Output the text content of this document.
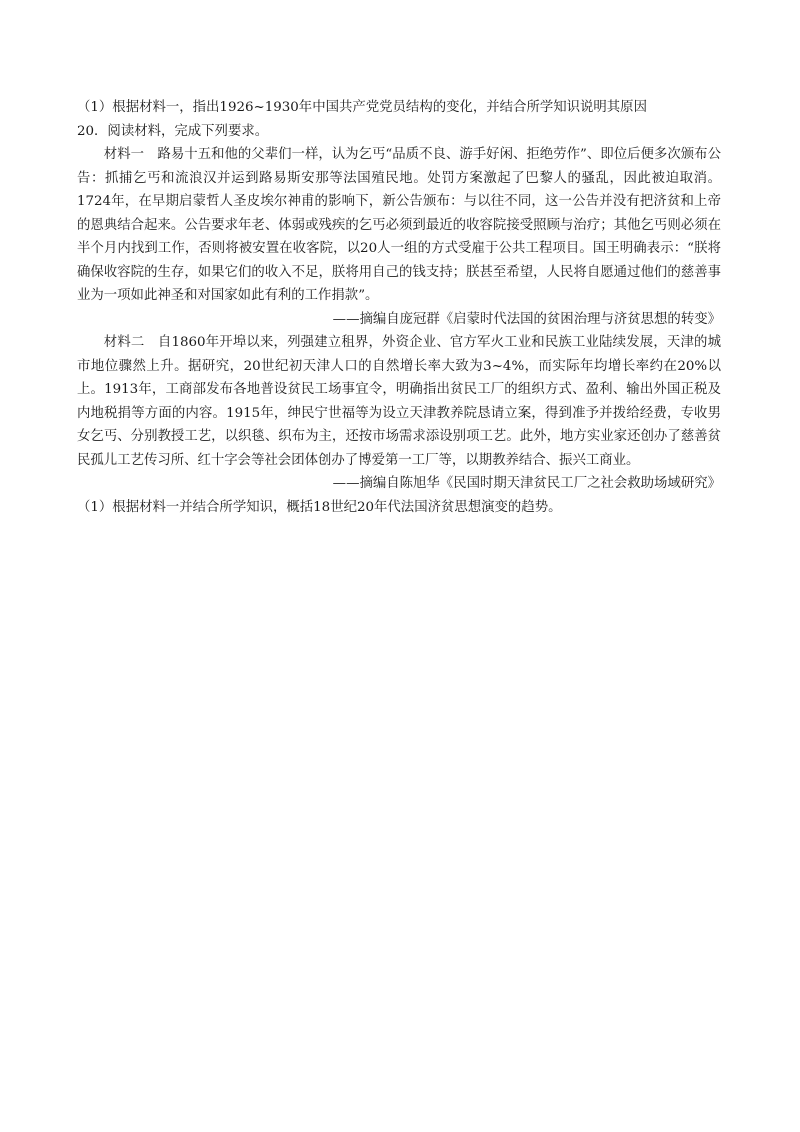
（1）根据材料一，指出1926~1930年中国共产党党员结构的变化，并结合所学知识说明其原因
20．阅读材料，完成下列要求。

材料一 路易十五和他的父辈们一样，认为乞丐“品质不良、游手好闲、拒绝劳作”、即位后便多次颁布公告：抓捕乞丐和流浪汉并运到路易斯安那等法国殖民地。处罚方案激起了巴黎人的骚乱，因此被迫取消。1724年，在早期启蒙哲人圣皮埃尔神甫的影响下，新公告颁布：与以往不同，这一公告并没有把济贫和上帝的恩典结合起来。公告要求年老、体弱或残疾的乞丐必须到最近的收容院接受照顾与治疗；其他乞丐则必须在半个月内找到工作，否则将被安置在收客院，以20人一组的方式受雇于公共工程项目。国王明确表示：“朕将确保收容院的生存，如果它们的收入不足，朕将用自己的钱支持；朕甚至希望，人民将自愿通过他们的慈善事业为一项如此神圣和对国家如此有利的工作捐款”。

——摘编自庞冠群《启蒙时代法国的贫困治理与济贫思想的转变》

材料二 自1860年开埠以来，列强建立租界，外资企业、官方军火工业和民族工业陆续发展，天津的城市地位骤然上升。据研究，20世纪初天津人口的自然增长率大致为3~4%，而实际年均增长率约在20%以上。1913年，工商部发布各地普设贫民工场事宜令，明确指出贫民工厂的组织方式、盈利、输出外国正税及内地税捐等方面的内容。1915年，绅民宁世福等为设立天津教养院恳请立案，得到准予并拨给经费，专收男女乞丐、分别教授工艺，以织毯、织布为主，还按市场需求添设别项工艺。此外，地方实业家还创办了慈善贫民孤儿工艺传习所、红十字会等社会团体创办了博爱第一工厂等，以期教养结合、振兴工商业。

——摘编自陈旭华《民国时期天津贫民工厂之社会救助场域研究》
（1）根据材料一并结合所学知识，概括18世纪20年代法国济贫思想演变的趋势。
